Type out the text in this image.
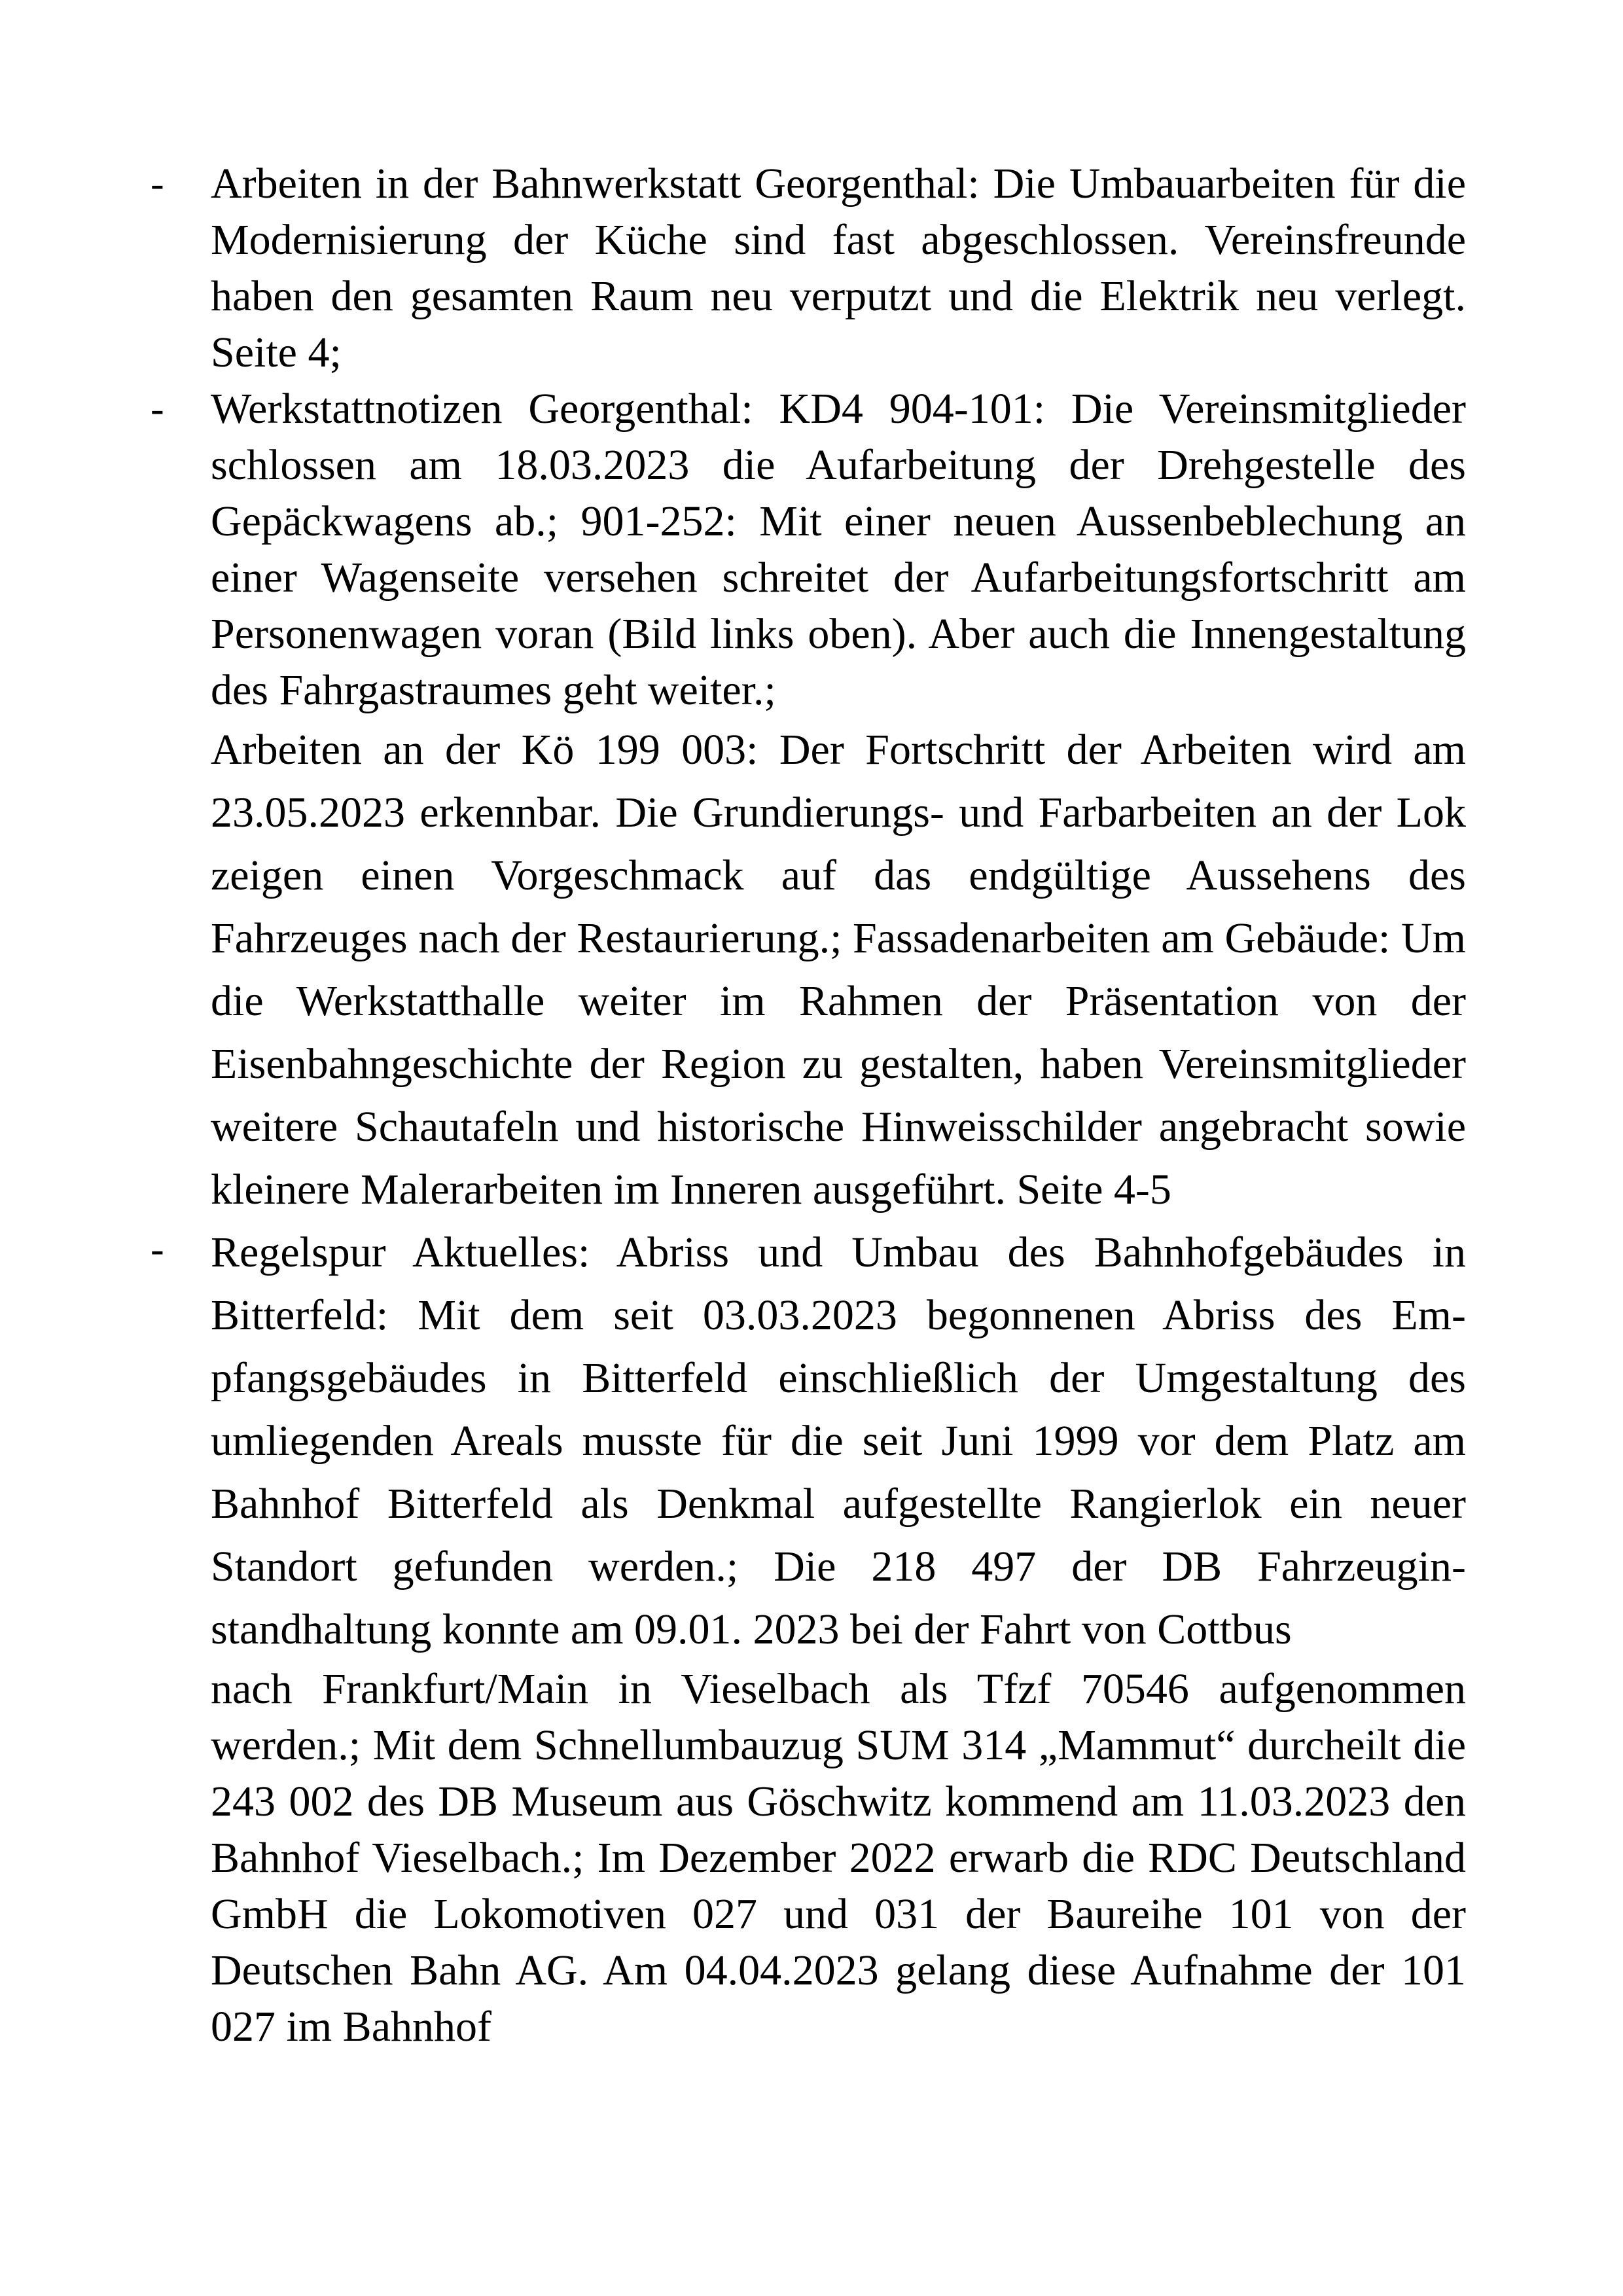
- Arbeiten in der Bahnwerkstatt Georgenthal: Die Umbauarbeiten für die Modernisierung der Küche sind fast abgeschlossen. Vereinsfreunde haben den gesamten Raum neu verputzt und die Elektrik neu verlegt. Seite 4;
- Werkstattnotizen Georgenthal: KD4 904-101: Die Vereinsmitglieder schlossen am 18.03.2023 die Aufarbeitung der Drehgestelle des Gepäckwagens ab.; 901-252: Mit einer neuen Aussenbeblechung an einer Wagenseite versehen schreitet der Aufarbeitungsfortschritt am Personenwagen voran (Bild links oben). Aber auch die Innengestaltung des Fahrgastraumes geht weiter.;
Arbeiten an der Kö 199 003: Der Fortschritt der Arbeiten wird am 23.05.2023 erkennbar. Die Grundierungs- und Farbarbeiten an der Lok zeigen einen Vorgeschmack auf das endgültige Aussehens des Fahrzeuges nach der Restaurierung.; Fassadenarbeiten am Gebäude: Um die Werkstatthalle weiter im Rahmen der Präsentation von der Eisenbahngeschichte der Region zu gestalten, haben Vereinsmitglieder weitere Schautafeln und historische Hinweisschilder angebracht sowie kleinere Malerarbeiten im Inneren ausgeführt. Seite 4-5
- Regelspur Aktuelles: Abriss und Umbau des Bahnhofgebäudes in Bitterfeld: Mit dem seit 03.03.2023 begonnenen Abriss des Empfangsgebäudes in Bitterfeld einschließlich der Umgestaltung des umliegenden Areals musste für die seit Juni 1999 vor dem Platz am Bahnhof Bitterfeld als Denkmal aufgestellte Rangierlok ein neuer Standort gefunden werden.; Die 218 497 der DB Fahrzeuginstandhaltung konnte am 09.01. 2023 bei der Fahrt von Cottbus
nach Frankfurt/Main in Vieselbach als Tfzf 70546 aufgenommen werden.; Mit dem Schnellumbauzug SUM 314 „Mammut“ durcheilt die 243 002 des DB Museum aus Göschwitz kommend am 11.03.2023 den Bahnhof Vieselbach.; Im Dezember 2022 erwarb die RDC Deutschland GmbH die Lokomotiven 027 und 031 der Baureihe 101 von der Deutschen Bahn AG. Am 04.04.2023 gelang diese Aufnahme der 101 027 im Bahnhof
